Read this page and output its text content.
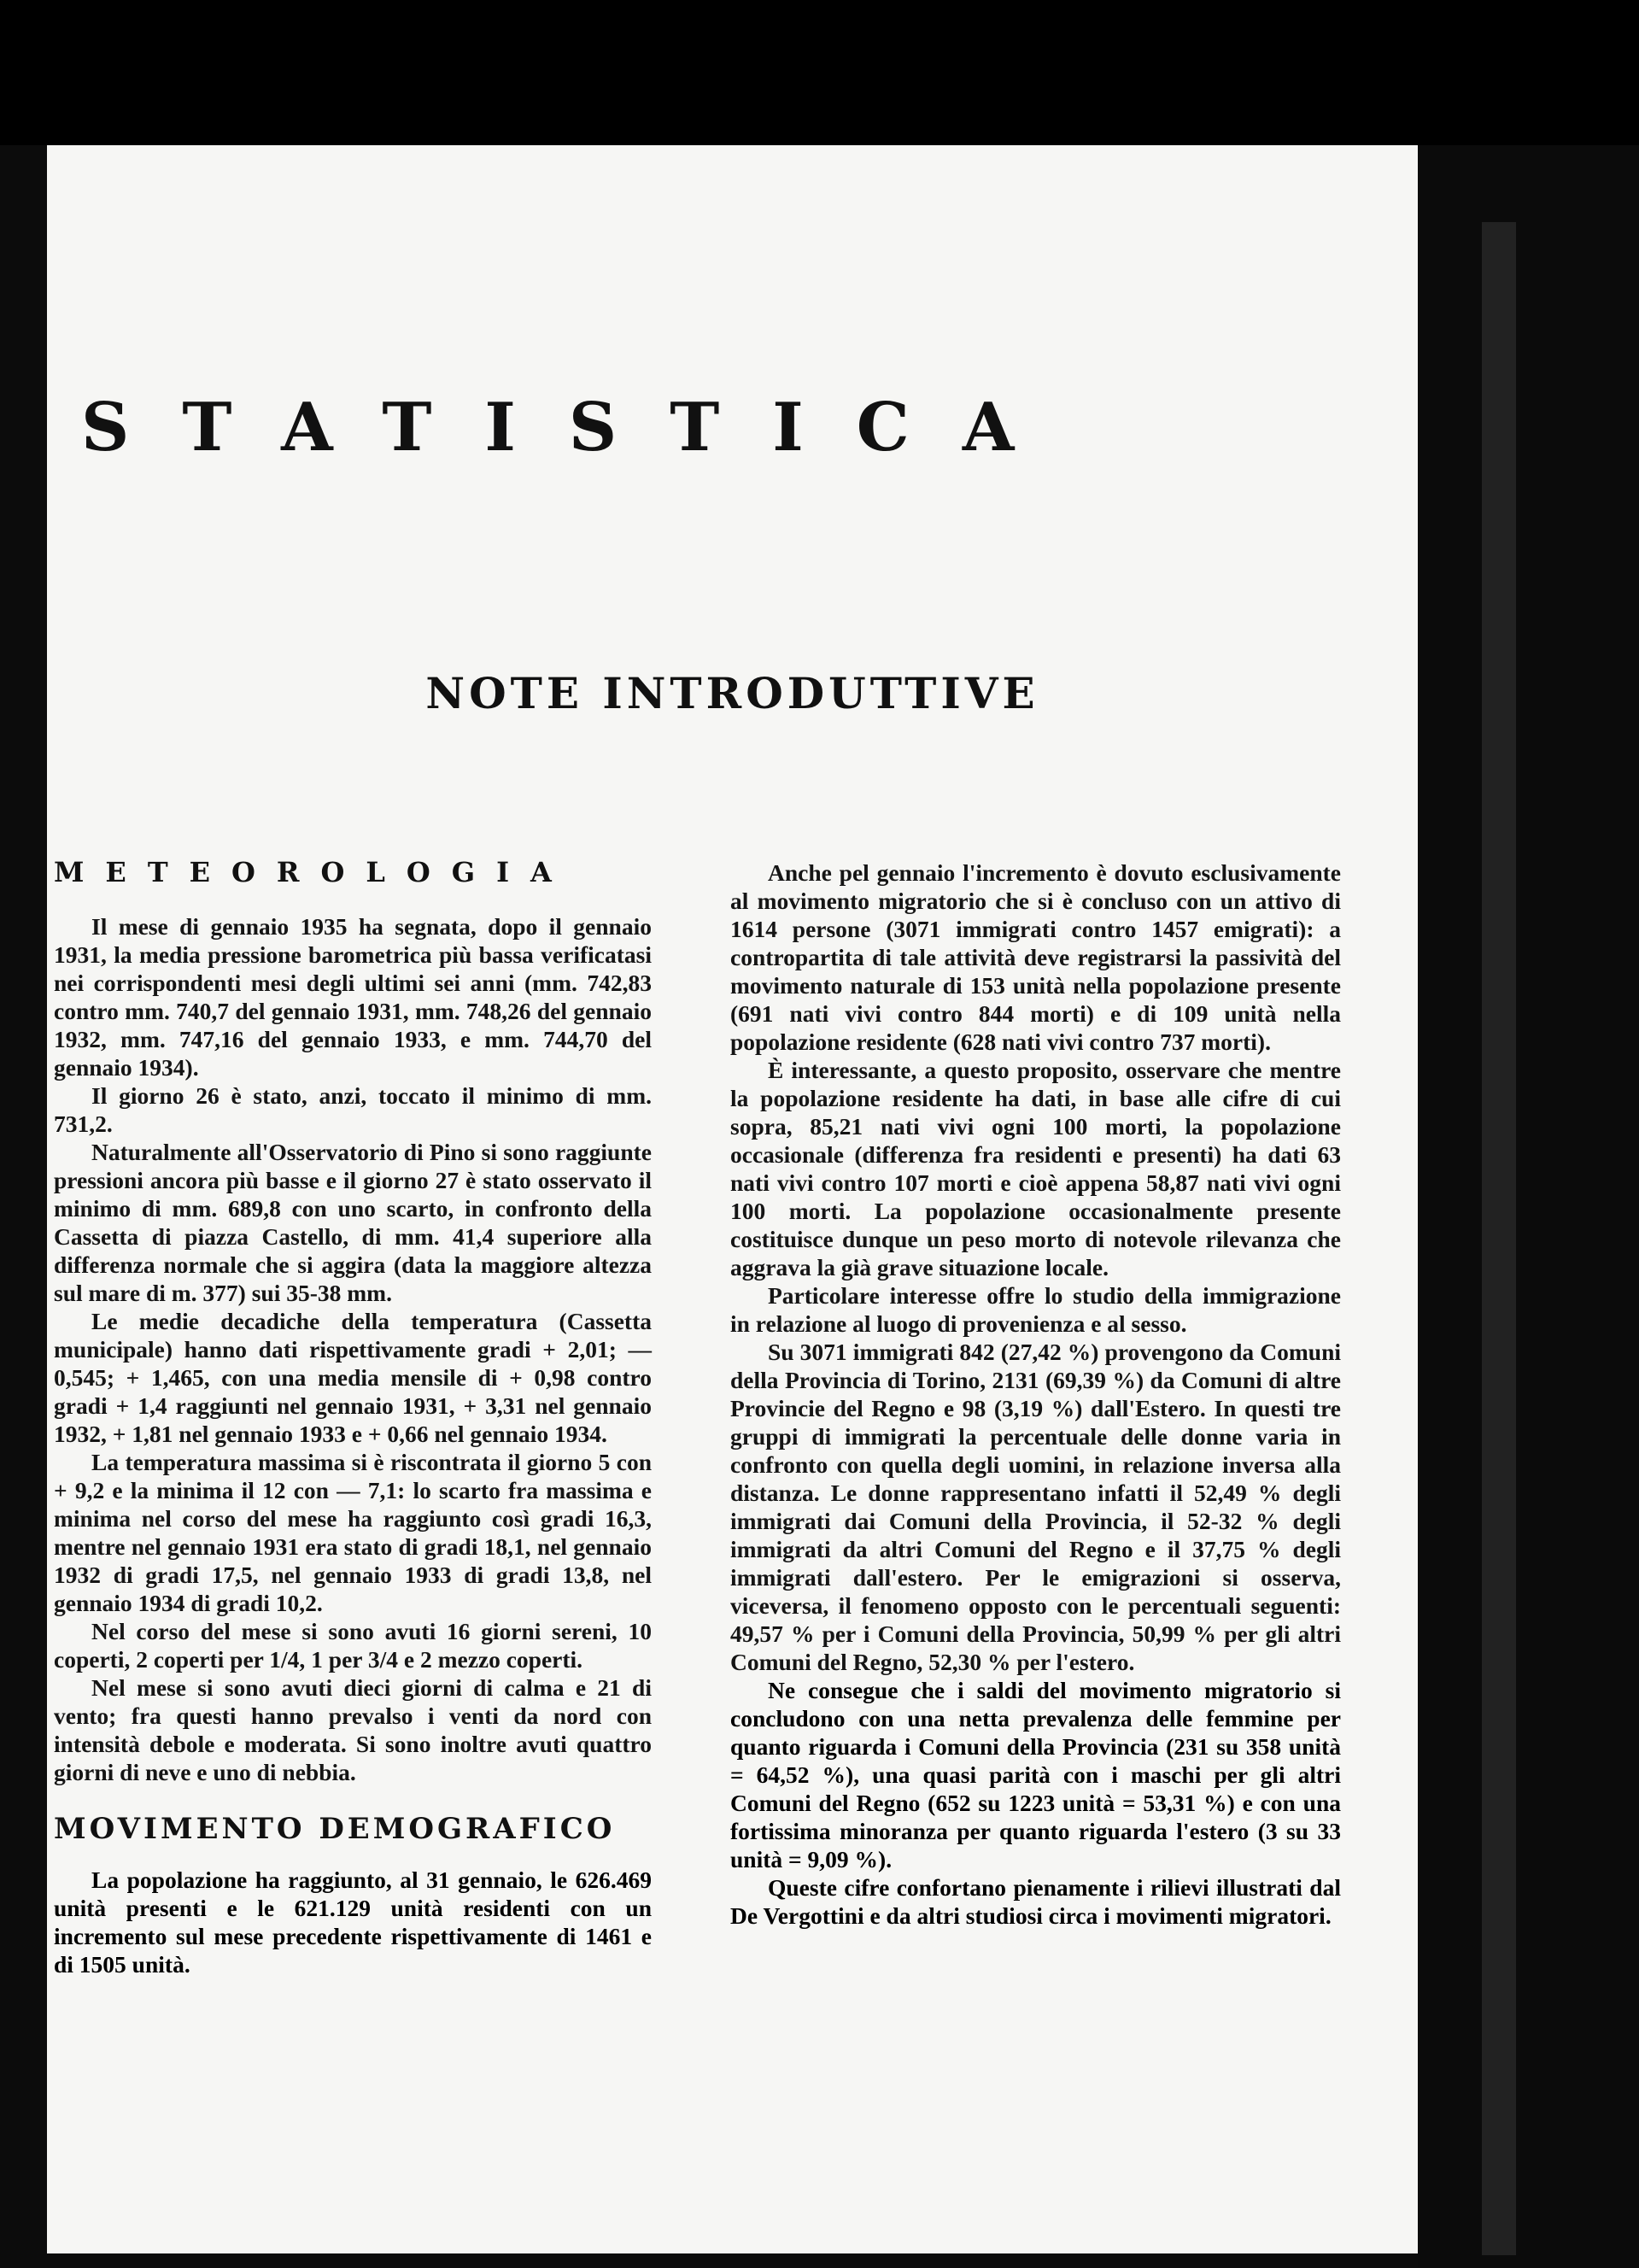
STATISTICA
NOTE INTRODUTTIVE
METEOROLOGIA

Il mese di gennaio 1935 ha segnata, dopo il gennaio 1931, la media pressione barometrica più bassa verificatasi nei corrispondenti mesi degli ultimi sei anni (mm. 742,83 contro mm. 740,7 del gennaio 1931, mm. 748,26 del gennaio 1932, mm. 747,16 del gennaio 1933, e mm. 744,70 del gennaio 1934).

Il giorno 26 è stato, anzi, toccato il minimo di mm. 731,2.

Naturalmente all'Osservatorio di Pino si sono raggiunte pressioni ancora più basse e il giorno 27 è stato osservato il minimo di mm. 689,8 con uno scarto, in confronto della Cassetta di piazza Castello, di mm. 41,4 superiore alla differenza normale che si aggira (data la maggiore altezza sul mare di m. 377) sui 35-38 mm.

Le medie decadiche della temperatura (Cassetta municipale) hanno dati rispettivamente gradi + 2,01; — 0,545; + 1,465, con una media mensile di + 0,98 contro gradi + 1,4 raggiunti nel gennaio 1931, + 3,31 nel gennaio 1932, + 1,81 nel gennaio 1933 e + 0,66 nel gennaio 1934.

La temperatura massima si è riscontrata il giorno 5 con + 9,2 e la minima il 12 con — 7,1: lo scarto fra massima e minima nel corso del mese ha raggiunto così gradi 16,3, mentre nel gennaio 1931 era stato di gradi 18,1, nel gennaio 1932 di gradi 17,5, nel gennaio 1933 di gradi 13,8, nel gennaio 1934 di gradi 10,2.

Nel corso del mese si sono avuti 16 giorni sereni, 10 coperti, 2 coperti per 1/4, 1 per 3/4 e 2 mezzo coperti.

Nel mese si sono avuti dieci giorni di calma e 21 di vento; fra questi hanno prevalso i venti da nord con intensità debole e moderata. Si sono inoltre avuti quattro giorni di neve e uno di nebbia.

MOVIMENTO DEMOGRAFICO

La popolazione ha raggiunto, al 31 gennaio, le 626.469 unità presenti e le 621.129 unità residenti con un incremento sul mese precedente rispettivamente di 1461 e di 1505 unità.

Anche pel gennaio l'incremento è dovuto esclusivamente al movimento migratorio che si è concluso con un attivo di 1614 persone (3071 immigrati contro 1457 emigrati): a contropartita di tale attività deve registrarsi la passività del movimento naturale di 153 unità nella popolazione presente (691 nati vivi contro 844 morti) e di 109 unità nella popolazione residente (628 nati vivi contro 737 morti).

È interessante, a questo proposito, osservare che mentre la popolazione residente ha dati, in base alle cifre di cui sopra, 85,21 nati vivi ogni 100 morti, la popolazione occasionale (differenza fra residenti e presenti) ha dati 63 nati vivi contro 107 morti e cioè appena 58,87 nati vivi ogni 100 morti. La popolazione occasionalmente presente costituisce dunque un peso morto di notevole rilevanza che aggrava la già grave situazione locale.

Particolare interesse offre lo studio della immigrazione in relazione al luogo di provenienza e al sesso.

Su 3071 immigrati 842 (27,42 %) provengono da Comuni della Provincia di Torino, 2131 (69,39 %) da Comuni di altre Provincie del Regno e 98 (3,19 %) dall'Estero. In questi tre gruppi di immigrati la percentuale delle donne varia in confronto con quella degli uomini, in relazione inversa alla distanza. Le donne rappresentano infatti il 52,49 % degli immigrati dai Comuni della Provincia, il 52-32 % degli immigrati da altri Comuni del Regno e il 37,75 % degli immigrati dall'estero. Per le emigrazioni si osserva, viceversa, il fenomeno opposto con le percentuali seguenti: 49,57 % per i Comuni della Provincia, 50,99 % per gli altri Comuni del Regno, 52,30 % per l'estero.

Ne consegue che i saldi del movimento migratorio si concludono con una netta prevalenza delle femmine per quanto riguarda i Comuni della Provincia (231 su 358 unità = 64,52 %), una quasi parità con i maschi per gli altri Comuni del Regno (652 su 1223 unità = 53,31 %) e con una fortissima minoranza per quanto riguarda l'estero (3 su 33 unità = 9,09 %).

Queste cifre confortano pienamente i rilievi illustrati dal De Vergottini e da altri studiosi circa i movimenti migratori.
